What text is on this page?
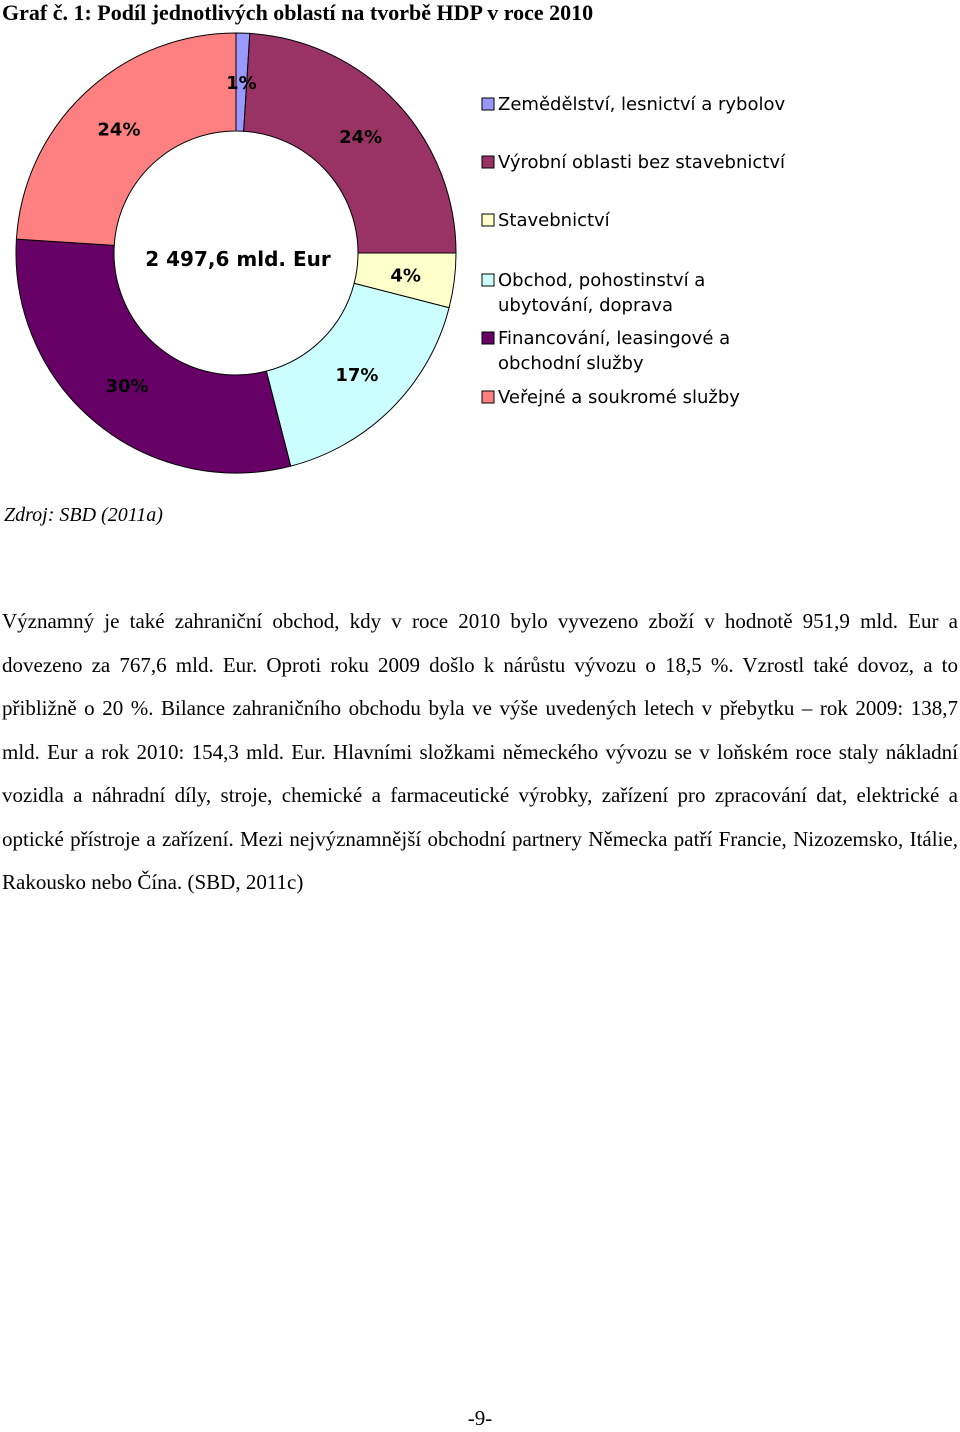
Graf č. 1: Podíl jednotlivých oblastí na tvorbě HDP v roce 2010
1%
24%
4%
17%
30%
24%
2 497,6 mld. Eur
Zemědělství, lesnictví a rybolov
Výrobní oblasti bez stavebnictví
Stavebnictví
Obchod, pohostinství a ubytování, doprava
Financování, leasingové a obchodní služby
Veřejné a soukromé služby
Zdroj: SBD (2011a)

Významný je také zahraniční obchod, kdy v roce 2010 bylo vyvezeno zboží v hodnotě 951,9 mld. Eur a dovezeno za 767,6 mld. Eur. Oproti roku 2009 došlo k nárůstu vývozu o 18,5 %. Vzrostl také dovoz, a to přibližně o 20 %. Bilance zahraničního obchodu byla ve výše uvedených letech v přebytku – rok 2009: 138,7 mld. Eur a rok 2010: 154,3 mld. Eur. Hlavními složkami německého vývozu se v loňském roce staly nákladní vozidla a náhradní díly, stroje, chemické a farmaceutické výrobky, zařízení pro zpracování dat, elektrické a optické přístroje a zařízení. Mezi nejvýznamnější obchodní partnery Německa patří Francie, Nizozemsko, Itálie, Rakousko nebo Čína. (SBD, 2011c)

-9-
